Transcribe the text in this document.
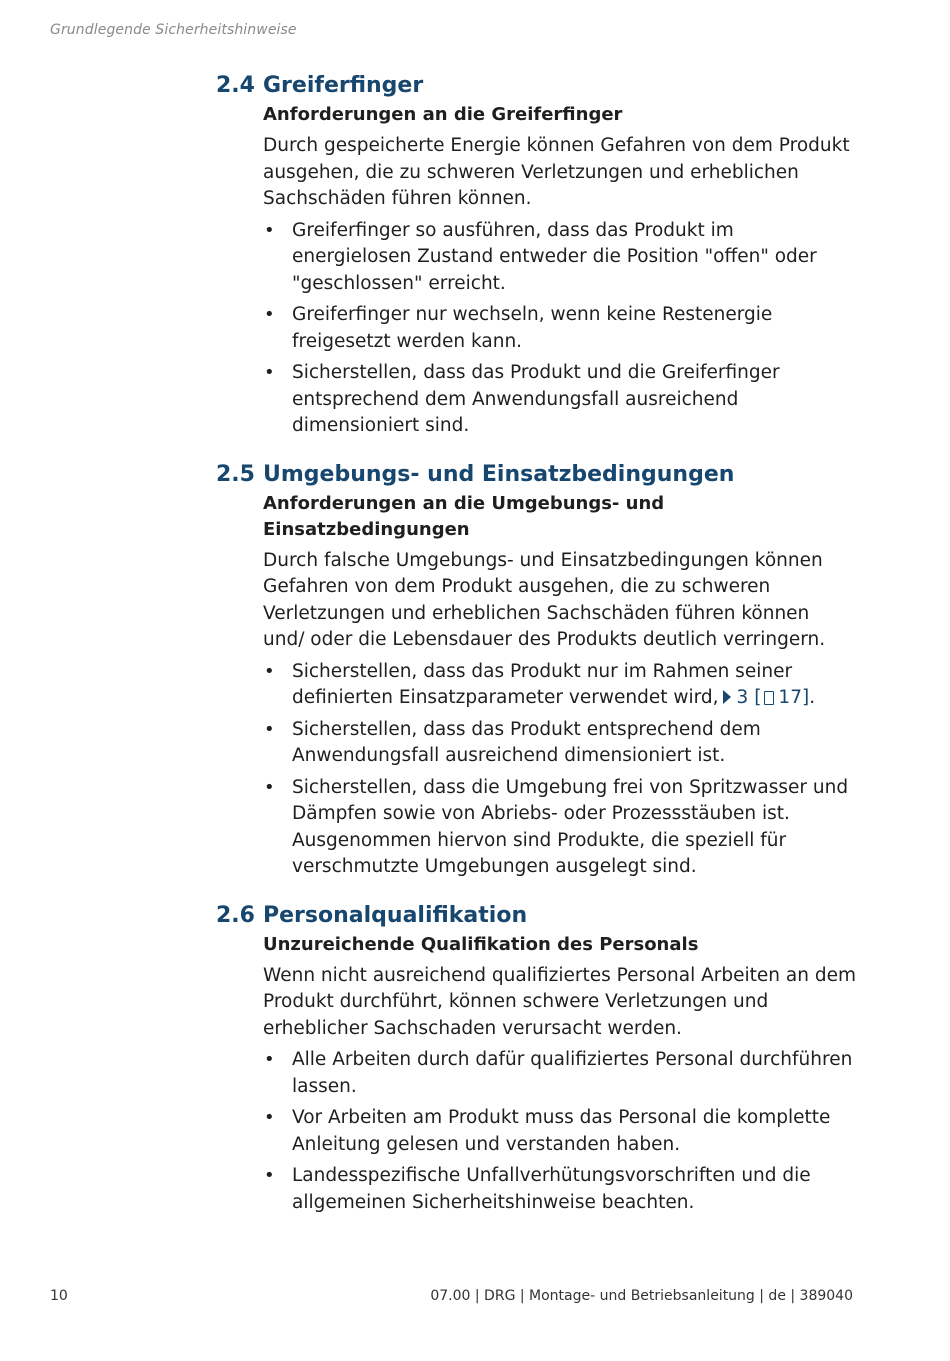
Grundlegende Sicherheitshinweise
2.4 Greiferfinger
Anforderungen an die Greiferfinger
Durch gespeicherte Energie können Gefahren von dem Produkt ausgehen, die zu schweren Verletzungen und erheblichen Sachschäden führen können.
• Greiferfinger so ausführen, dass das Produkt im energielosen Zustand entweder die Position "offen" oder "geschlossen" erreicht.
• Greiferfinger nur wechseln, wenn keine Restenergie freigesetzt werden kann.
• Sicherstellen, dass das Produkt und die Greiferfinger entsprechend dem Anwendungsfall ausreichend dimensioniert sind.
2.5 Umgebungs- und Einsatzbedingungen
Anforderungen an die Umgebungs- und Einsatzbedingungen
Durch falsche Umgebungs- und Einsatzbedingungen können Gefahren von dem Produkt ausgehen, die zu schweren Verletzungen und erheblichen Sachschäden führen können und/ oder die Lebensdauer des Produkts deutlich verringern.
• Sicherstellen, dass das Produkt nur im Rahmen seiner definierten Einsatzparameter verwendet wird, 3 [ 17].
• Sicherstellen, dass das Produkt entsprechend dem Anwendungsfall ausreichend dimensioniert ist.
• Sicherstellen, dass die Umgebung frei von Spritzwasser und Dämpfen sowie von Abriebs- oder Prozessstäuben ist. Ausgenommen hiervon sind Produkte, die speziell für verschmutzte Umgebungen ausgelegt sind.
2.6 Personalqualifikation
Unzureichende Qualifikation des Personals
Wenn nicht ausreichend qualifiziertes Personal Arbeiten an dem Produkt durchführt, können schwere Verletzungen und erheblicher Sachschaden verursacht werden.
• Alle Arbeiten durch dafür qualifiziertes Personal durchführen lassen.
• Vor Arbeiten am Produkt muss das Personal die komplette Anleitung gelesen und verstanden haben.
• Landesspezifische Unfallverhütungsvorschriften und die allgemeinen Sicherheitshinweise beachten.
10	07.00 | DRG | Montage- und Betriebsanleitung | de | 389040
